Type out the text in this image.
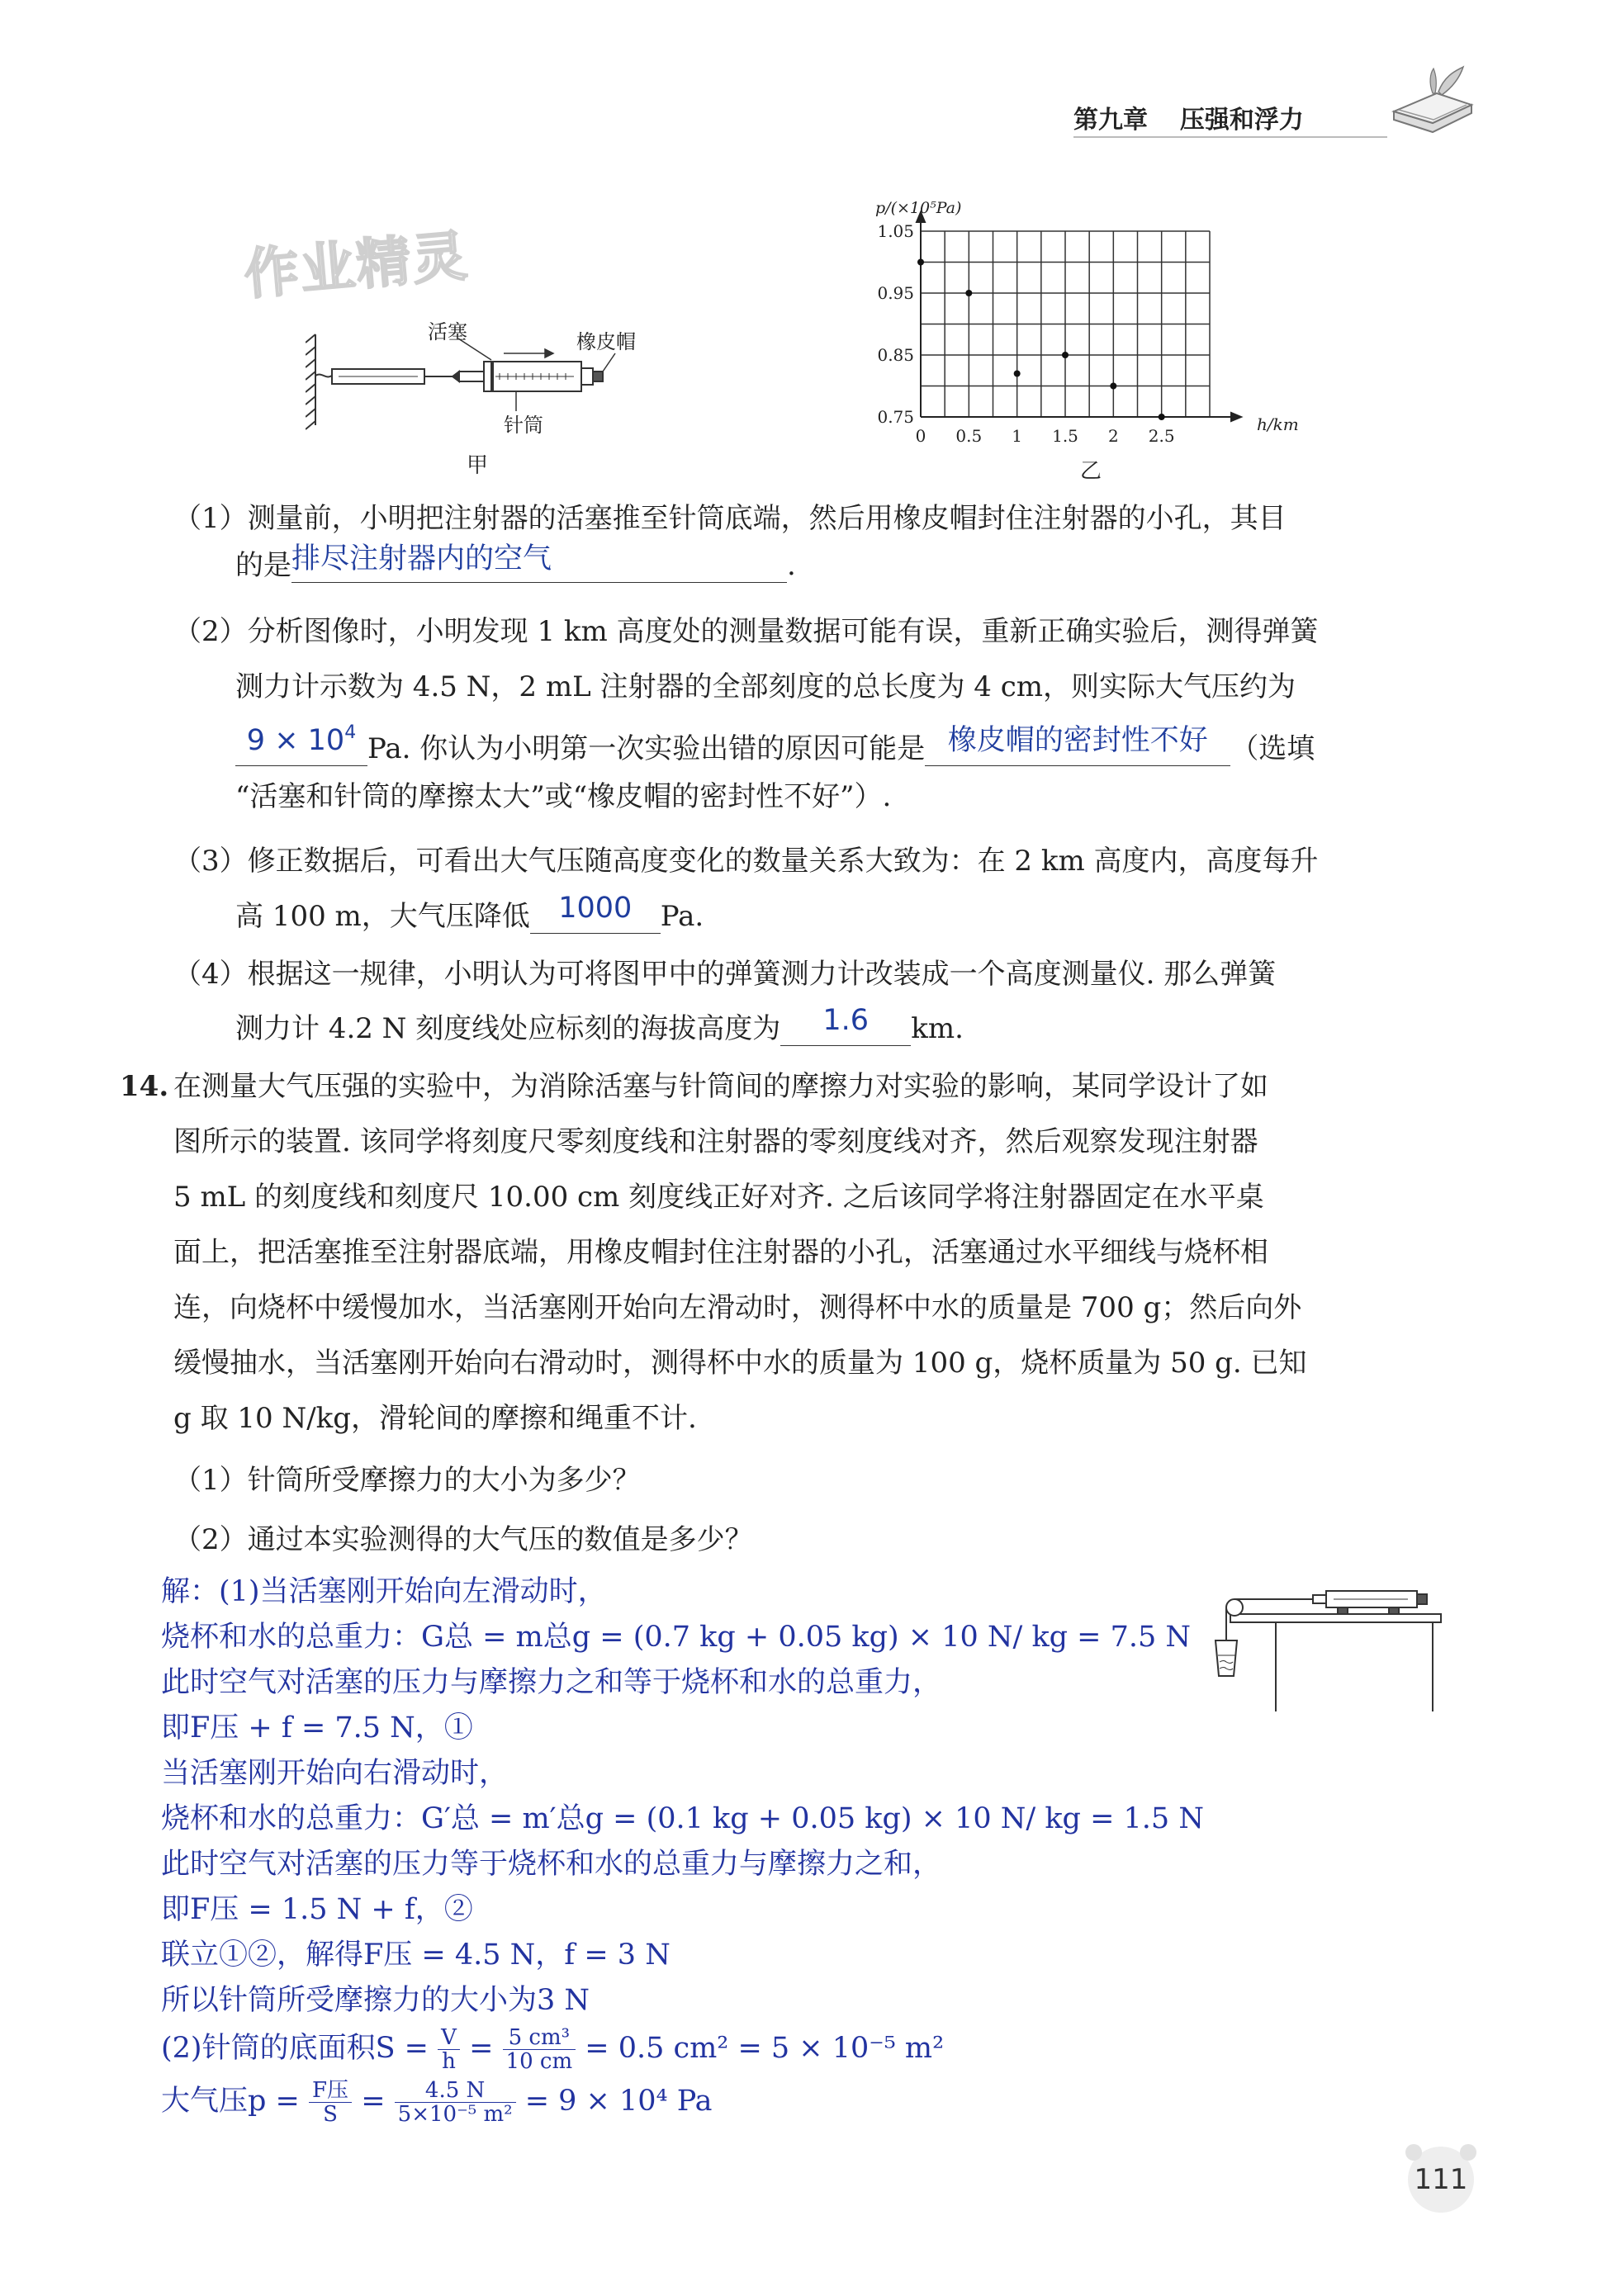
第九章 压强和浮力
作业精灵
活塞	橡皮帽
针筒
甲
0 0.5 1 1.5 2 2.5
1.05
0.95
0.85
0.75
p/(×10⁵Pa)
h/km
乙
（1）测量前，小明把注射器的活塞推至针筒底端，然后用橡皮帽封住注射器的小孔，其目
的是排尽注射器内的空气	.
（2）分析图像时，小明发现 1 km 高度处的测量数据可能有误，重新正确实验后，测得弹簧
测力计示数为 4.5 N，2 mL 注射器的全部刻度的总长度为 4 cm，则实际大气压约为
$9 \times 10^4$ Pa. 你认为小明第一次实验出错的原因可能是 橡皮帽的密封性不好 （选填
“活塞和针筒的摩擦太大”或“橡皮帽的密封性不好”）.
（3）修正数据后，可看出大气压随高度变化的数量关系大致为：在 2 km 高度内，高度每升
高 100 m，大气压降低 1000 Pa.
（4）根据这一规律，小明认为可将图甲中的弹簧测力计改装成一个高度测量仪. 那么弹簧
测力计 4.2 N 刻度线处应标刻的海拔高度为 1.6 km.
14. 在测量大气压强的实验中，为消除活塞与针筒间的摩擦力对实验的影响，某同学设计了如
图所示的装置. 该同学将刻度尺零刻度线和注射器的零刻度线对齐，然后观察发现注射器
5 mL 的刻度线和刻度尺 10.00 cm 刻度线正好对齐. 之后该同学将注射器固定在水平桌
面上，把活塞推至注射器底端，用橡皮帽封住注射器的小孔，活塞通过水平细线与烧杯相
连，向烧杯中缓慢加水，当活塞刚开始向左滑动时，测得杯中水的质量是 700 g；然后向外
缓慢抽水，当活塞刚开始向右滑动时，测得杯中水的质量为 100 g，烧杯质量为 50 g. 已知
g 取 10 N/kg，滑轮间的摩擦和绳重不计.
（1）针筒所受摩擦力的大小为多少？
（2）通过本实验测得的大气压的数值是多少？
解：(1)当活塞刚开始向左滑动时，
烧杯和水的总重力：G总 = m总g = (0.7 kg + 0.05 kg) × 10 N/ kg = 7.5 N
此时空气对活塞的压力与摩擦力之和等于烧杯和水的总重力，
即F压 + f = 7.5 N，①
当活塞刚开始向右滑动时，
烧杯和水的总重力：G′总 = m′总g = (0.1 kg + 0.05 kg) × 10 N/ kg = 1.5 N
此时空气对活塞的压力等于烧杯和水的总重力与摩擦力之和，
即F压 = 1.5 N + f，②
联立①②，解得F压 = 4.5 N，f = 3 N
所以针筒所受摩擦力的大小为3 N
(2)针筒的底面积$S = \frac{V}{h} = \frac{\text{5 cm³}}{10 cm} = 0.5$ cm² = 5 × 10⁻⁵ m²
大气压$p = \frac{\text{F压}}{S} = \frac{4.5 N}{\text{5×10⁻⁵ m²}} = 9 \times 10^4$ Pa
111
